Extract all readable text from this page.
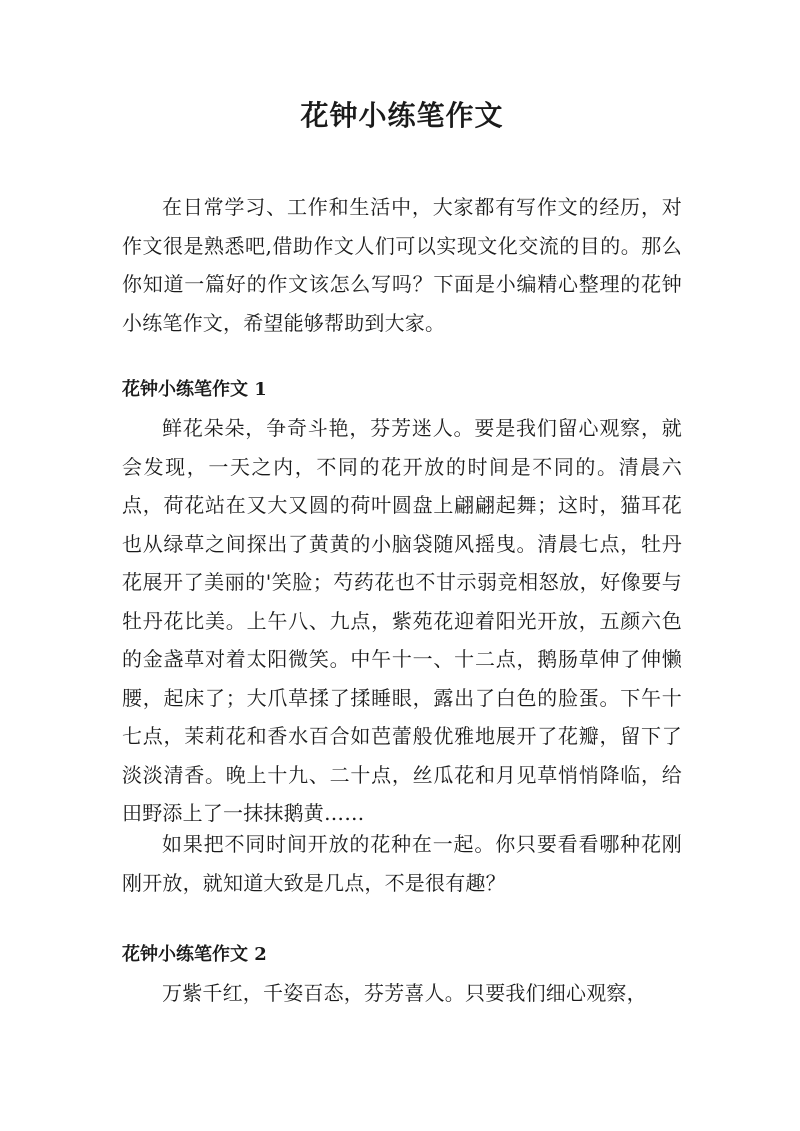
花钟小练笔作文

在日常学习、工作和生活中，大家都有写作文的经历，对作文很是熟悉吧,借助作文人们可以实现文化交流的目的。那么你知道一篇好的作文该怎么写吗？下面是小编精心整理的花钟小练笔作文，希望能够帮助到大家。

花钟小练笔作文 1

鲜花朵朵，争奇斗艳，芬芳迷人。要是我们留心观察，就会发现，一天之内，不同的花开放的时间是不同的。清晨六点，荷花站在又大又圆的荷叶圆盘上翩翩起舞；这时，猫耳花也从绿草之间探出了黄黄的小脑袋随风摇曳。清晨七点，牡丹花展开了美丽的'笑脸；芍药花也不甘示弱竞相怒放，好像要与牡丹花比美。上午八、九点，紫苑花迎着阳光开放，五颜六色的金盏草对着太阳微笑。中午十一、十二点，鹅肠草伸了伸懒腰，起床了；大爪草揉了揉睡眼，露出了白色的脸蛋。下午十七点，茉莉花和香水百合如芭蕾般优雅地展开了花瓣，留下了淡淡清香。晚上十九、二十点，丝瓜花和月见草悄悄降临，给田野添上了一抹抹鹅黄……

如果把不同时间开放的花种在一起。你只要看看哪种花刚刚开放，就知道大致是几点，不是很有趣？

花钟小练笔作文 2

万紫千红，千姿百态，芬芳喜人。只要我们细心观察，
